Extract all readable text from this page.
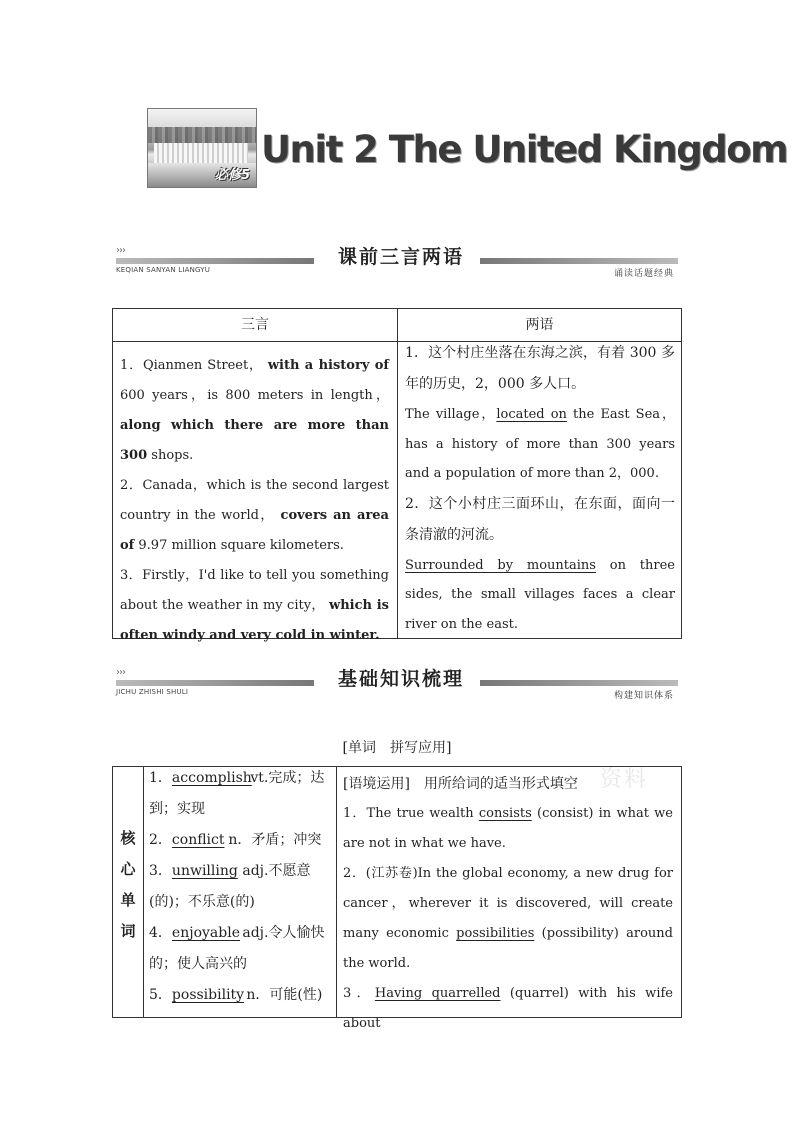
必修5
Unit 2 The United Kingdom
›››
KEQIAN SANYAN LIANGYU
课前三言两语
诵读话题经典
三言	两语

1．Qianmen Street， with a history of 600 years，is 800 meters in length， along which there are more than 300 shops.

2．Canada，which is the second largest country in the world， covers an area of 9.97 million square kilometers.

3．Firstly，I'd like to tell you something about the weather in my city， which is often windy and very cold in winter.

1．这个村庄坐落在东海之滨，有着 300 多年的历史，2，000 多人口。

The village，located on the East Sea，has a history of more than 300 years and a population of more than 2，000.

2．这个小村庄三面环山，在东面，面向一条清澈的河流。

Surrounded by mountains on three sides, the small villages faces a clear river on the east.

›››
JICHU ZHISHI SHULI
基础知识梳理
构建知识体系
[单词　拼写应用]
核
心
单
词
1．accomplish vt.完成；达到；实现
2．conflict n．矛盾；冲突
3．unwilling adj.不愿意(的)；不乐意(的)
4．enjoyable adj.令人愉快的；使人高兴的
5．possibility n．可能(性)
资料

[语境运用]　用所给词的适当形式填空

1．The true wealth consists (consist) in what we are not in what we have.

2．(江苏卷)In the global economy, a new drug for cancer，wherever it is discovered, will create many economic possibilities (possibility) around the world.

3．Having quarrelled (quarrel) with his wife about
